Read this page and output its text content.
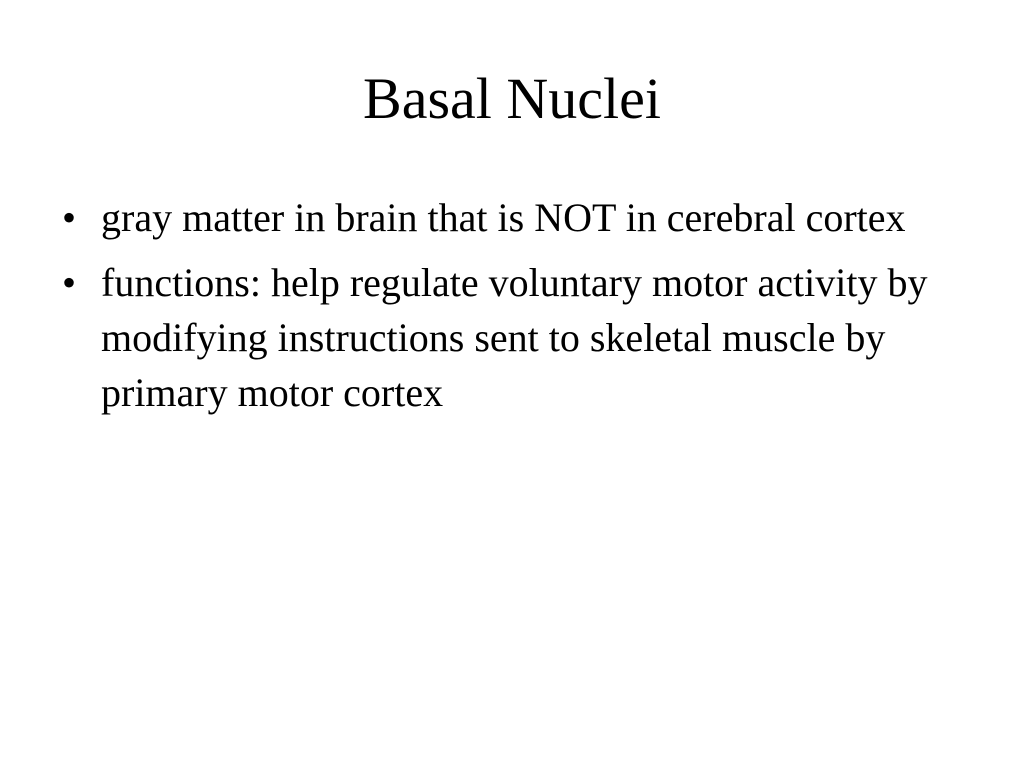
Basal Nuclei
• gray matter in brain that is NOT in cerebral cortex
• functions: help regulate voluntary motor activity by modifying instructions sent to skeletal muscle by primary motor cortex
